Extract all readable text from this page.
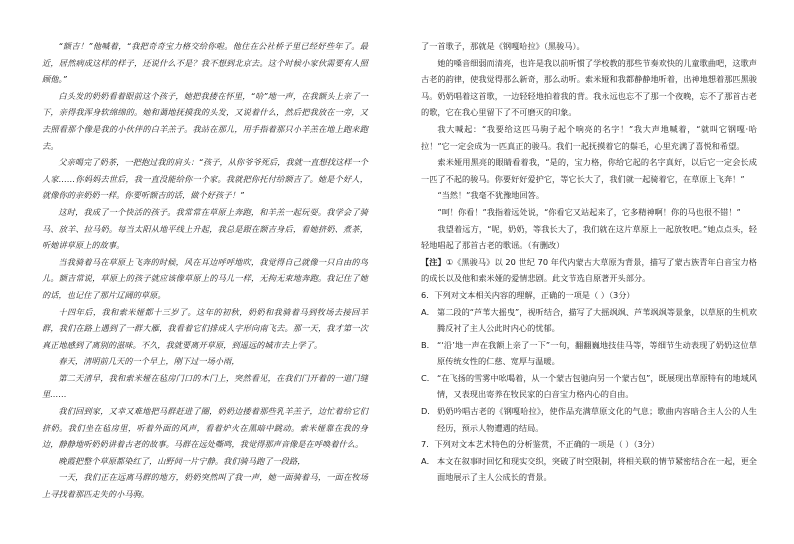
“额吉！”他喊着，“我把奇奇宝力格交给你啦。他住在公社桥子里已经好些年了。最近，居然病成这样的样子，还说什么不是？我不想到北京去。这个时候小家伙需要有人照顾他。”

白头发的奶奶看着眼前这个孩子，她把我搂在怀里，“哈”地一声，在我额头上亲了一下，亲得我浑身软绵绵的。她和蔼地抚摸我的头发，又说着什么，然后把我放在一旁，又去照看那个像是我的小伙伴的白羊羔子。我站在那儿，用手指着那只小羊羔在地上跑来跑去。

父亲喝完了奶茶，一把抱过我的肩头：“孩子，从你爷爷死后，我就一直想找这样一个人家……你妈妈去世后，我一直没能给你一个家。我就把你托付给额吉了。她是个好人，就像你的亲奶奶一样。你要听额吉的话，做个好孩子！”

这时，我成了一个快活的孩子。我常常在草原上奔跑，和羊羔一起玩耍。我学会了骑马、放羊、拉马奶。每当太阳从地平线上升起，我总是跟在额吉身后，看她挤奶、煮茶，听她讲草原上的故事。

当我骑着马在草原上飞奔的时候，风在耳边呼呼地吹，我觉得自己就像一只自由的鸟儿。额吉常说，草原上的孩子就应该像草原上的马儿一样，无拘无束地奔跑。我记住了她的话，也记住了那片辽阔的草原。

十四年后，我和索米娅都十三岁了。这年的初秋，奶奶和我骑着马到牧场去接回羊群，我们在路上遇到了一群大雁，我看着它们排成人字形向南飞去。那一天，我才第一次真正地感到了离别的滋味。不久，我就要离开草原，到遥远的城市去上学了。

春天，清明前几天的一个早上，刚下过一场小雨，

第二天清早，我和索米娅在毡房门口的木门上，突然看见，在我们门开着的一道门缝里……

我们回到家，又幸又难地把马群赶进了圈，奶奶边搂着那些乳羊羔子，边忙着给它们挤奶。我们坐在毡房里，听着外面的风声，看着炉火在黑暗中跳动。索米娅靠在我的身边，静静地听奶奶讲着古老的故事。马群在远处嘶鸣，我觉得那声音像是在呼唤着什么。

晚霞把整个草原都染红了，山野间一片宁静。我们骑马跑了一段路，

一天，我们正在远离马群的地方，奶奶突然叫了我一声，她一面骑着马，一面在牧场上寻找着那匹走失的小马驹。

了一首歌子，那就是《钢嘎哈拉》（黑骏马）。

她的嗓音细弱而清亮，也许是我以前听惯了学校教的那些节奏欢快的儿童歌曲吧，这歌声古老的韵律，使我觉得那么新奇，那么动听。索米娅和我都静静地听着，出神地想着那匹黑骏马。奶奶唱着这首歌，一边轻轻地拍着我的背。我永远也忘不了那一个夜晚，忘不了那首古老的歌，它在我心里留下了不可磨灭的印象。

我大喊起：“我要给这匹马驹子起个响亮的名字！”我大声地喊着，“就叫它钢嘎·哈拉！”它一定会成为一匹真正的骏马。我们一起抚摸着它的鬃毛，心里充满了喜悦和希望。

索米娅用黑亮的眼睛看着我，“是的，宝力格，你给它起的名字真好，以后它一定会长成一匹了不起的骏马。你要好好爱护它，等它长大了，我们就一起骑着它，在草原上飞奔！”

“当然！”我毫不犹豫地回答。

“呵！你看！”我指着远处说，“你看它又站起来了，它多精神啊！你的马也很不错！”

我望着远方，“呢，奶奶，等我长大了，我们就在这片草原上一起放牧吧。”她点点头，轻轻地唱起了那首古老的歌谣。（有删改）

【注】①《黑骏马》以 20 世纪 70 年代内蒙古大草原为背景，描写了蒙古族青年白音宝力格的成长以及他和索米娅的爱情悲剧。此文节选自原著开头部分。

6．下列对文本相关内容的理解，正确的一项是（ ）（3分）

A． 第二段的“芦苇大摇曳”，视听结合，描写了大摇飒飒、芦苇飒飒等景象，以草原的生机欢腾反衬了主人公此时内心的忧郁。

B． “‘沿’地一声在我额上亲了一下”一句，翻翻巍地技佳马等，等细节生动表现了奶奶这位草原传统女性的仁慈、宽厚与温暖。

C． “在飞扬的雪雾中吆喝着，从一个蒙古包驰向另一个蒙古包”，既展现出草原特有的地域风情，又表现出寄养在牧民家的白音宝力格内心的自由。

D． 奶奶吟唱古老的《钢嘎哈拉》，使作品充满草原文化的气息；歌曲内容暗合主人公的人生经历，预示人物遭遇的结局。

7．下列对文本艺术特色的分析鉴赏，不正确的一项是（ ）（3分）

A． 本文在叙事时回忆和现实交织，突破了时空限制，将相关联的情节紧密结合在一起，更全面地展示了主人公成长的背景。
